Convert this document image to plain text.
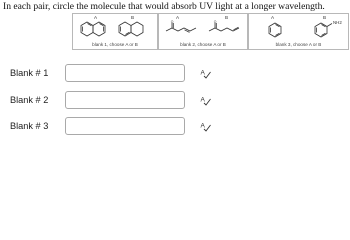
In each pair, circle the molecule that would absorb UV light at a longer wavelength.
A	B
blank 1, choose A or B
A	B
O	O
blank 2, choose A or B
A	B
NH2
blank 3, choose A or B
Blank # 1	A
Blank # 2	A
Blank # 3	A
